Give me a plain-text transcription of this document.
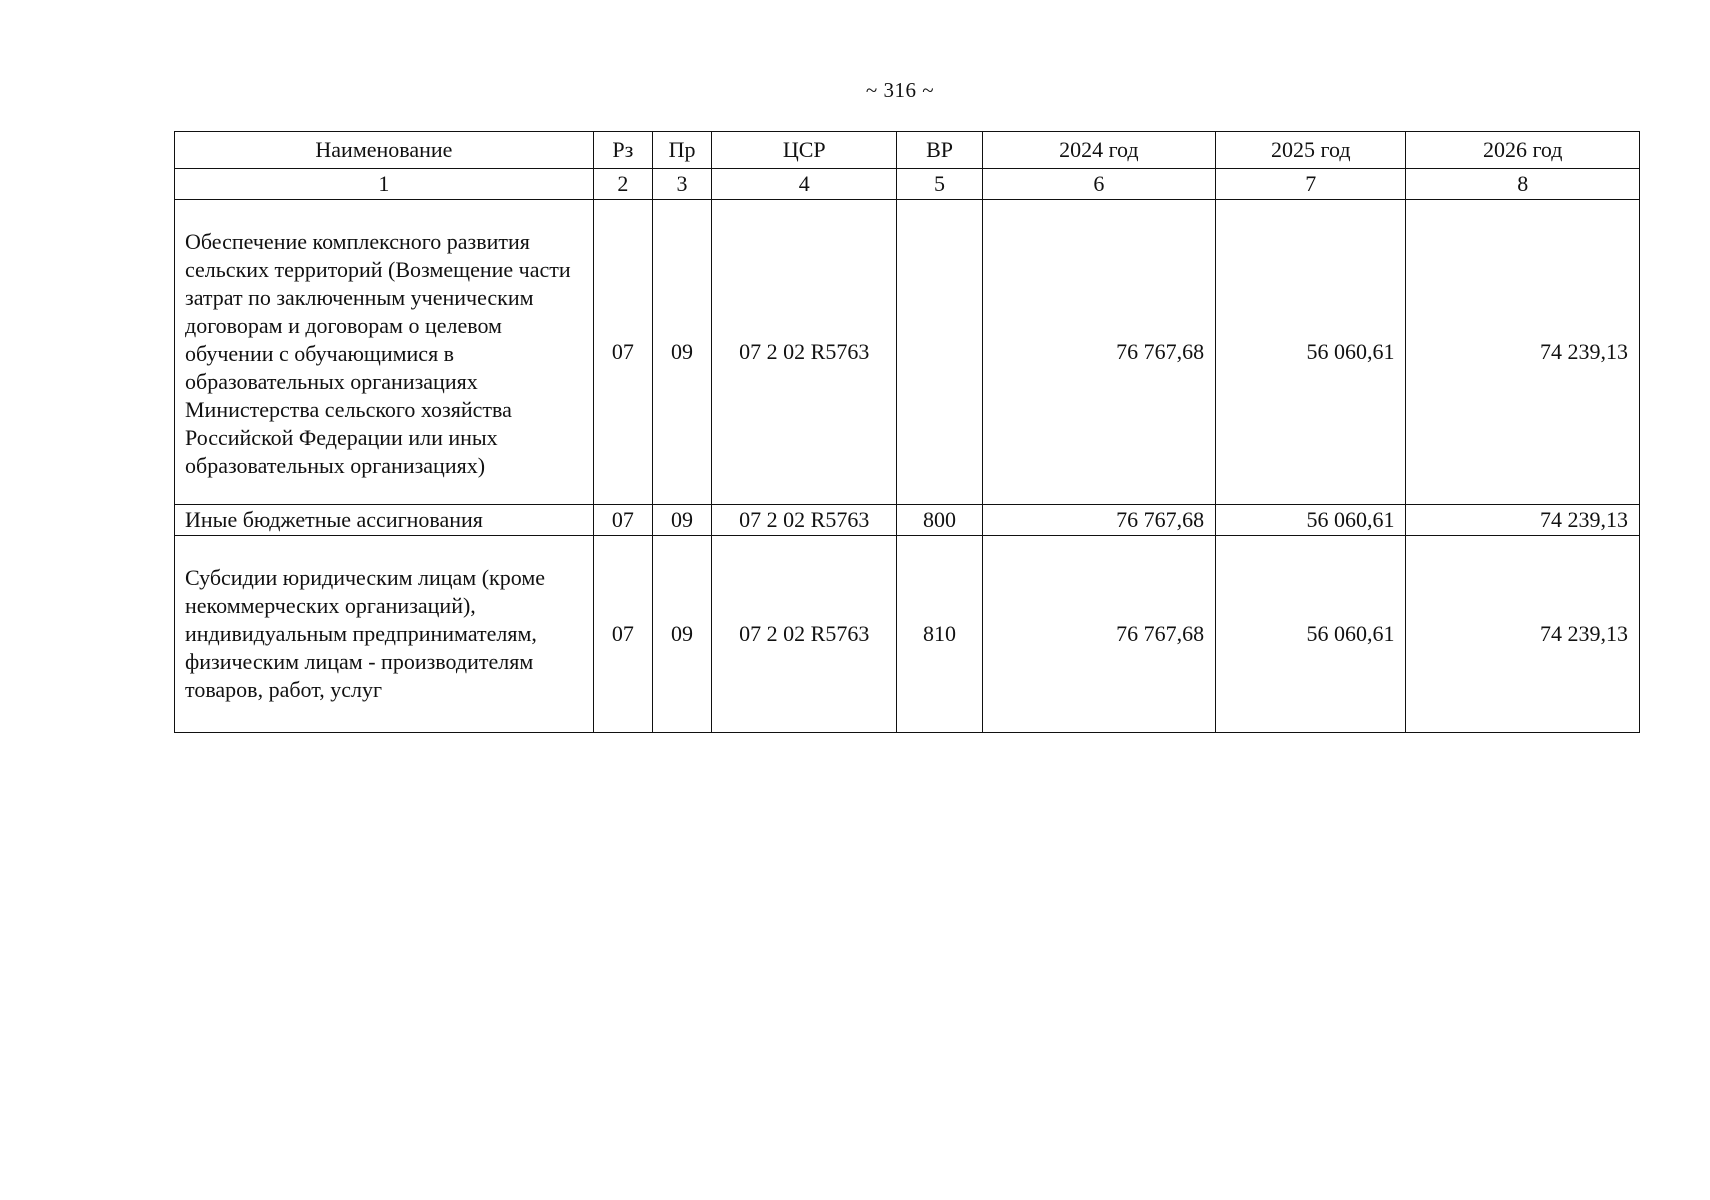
~ 316 ~
Наименование	Рз	Пр	ЦСР	ВР	2024 год	2025 год	2026 год
1	2	3	4	5	6	7	8
Обеспечение комплексного развития сельских территорий (Возмещение части затрат по заключенным ученическим договорам и договорам о целевом обучении с обучающимися в образовательных организациях Министерства сельского хозяйства Российской Федерации или иных образовательных организациях)	07	09	07 2 02 R5763		76 767,68	56 060,61	74 239,13
Иные бюджетные ассигнования	07	09	07 2 02 R5763	800	76 767,68	56 060,61	74 239,13
Субсидии юридическим лицам (кроме некоммерческих организаций), индивидуальным предпринимателям, физическим лицам - производителям товаров, работ, услуг	07	09	07 2 02 R5763	810	76 767,68	56 060,61	74 239,13
